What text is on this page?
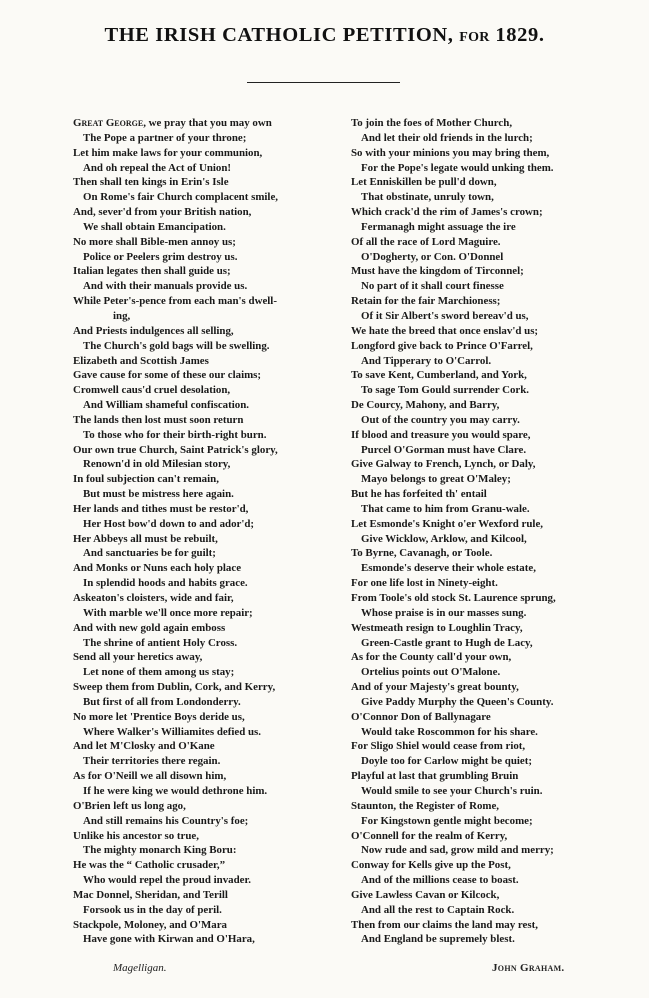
THE IRISH CATHOLIC PETITION, FOR 1829.
Great George, we pray that you may own
The Pope a partner of your throne;
Let him make laws for your communion,
And oh repeal the Act of Union!
Then shall ten kings in Erin's Isle
On Rome's fair Church complacent smile,
And, sever'd from your British nation,
We shall obtain Emancipation.
No more shall Bible-men annoy us;
Police or Peelers grim destroy us.
Italian legates then shall guide us;
And with their manuals provide us.
While Peter's-pence from each man's dwell-
ing,
And Priests indulgences all selling,
The Church's gold bags will be swelling.
Elizabeth and Scottish James
Gave cause for some of these our claims;
Cromwell caus'd cruel desolation,
And William shameful confiscation.
The lands then lost must soon return
To those who for their birth-right burn.
Our own true Church, Saint Patrick's glory,
Renown'd in old Milesian story,
In foul subjection can't remain,
But must be mistress here again.
Her lands and tithes must be restor'd,
Her Host bow'd down to and ador'd;
Her Abbeys all must be rebuilt,
And sanctuaries be for guilt;
And Monks or Nuns each holy place
In splendid hoods and habits grace.
Askeaton's cloisters, wide and fair,
With marble we'll once more repair;
And with new gold again emboss
The shrine of antient Holy Cross.
Send all your heretics away,
Let none of them among us stay;
Sweep them from Dublin, Cork, and Kerry,
But first of all from Londonderry.
No more let 'Prentice Boys deride us,
Where Walker's Williamites defied us.
And let M'Closky and O'Kane
Their territories there regain.
As for O'Neill we all disown him,
If he were king we would dethrone him.
O'Brien left us long ago,
And still remains his Country's foe;
Unlike his ancestor so true,
The mighty monarch King Boru:
He was the “ Catholic crusader,”
Who would repel the proud invader.
Mac Donnel, Sheridan, and Terill
Forsook us in the day of peril.
Stackpole, Moloney, and O'Mara
Have gone with Kirwan and O'Hara,
To join the foes of Mother Church,
And let their old friends in the lurch;
So with your minions you may bring them,
For the Pope's legate would unking them.
Let Enniskillen be pull'd down,
That obstinate, unruly town,
Which crack'd the rim of James's crown;
Fermanagh might assuage the ire
Of all the race of Lord Maguire.
O'Dogherty, or Con. O'Donnel
Must have the kingdom of Tirconnel;
No part of it shall court finesse
Retain for the fair Marchioness;
Of it Sir Albert's sword bereav'd us,
We hate the breed that once enslav'd us;
Longford give back to Prince O'Farrel,
And Tipperary to O'Carrol.
To save Kent, Cumberland, and York,
To sage Tom Gould surrender Cork.
De Courcy, Mahony, and Barry,
Out of the country you may carry.
If blood and treasure you would spare,
Purcel O'Gorman must have Clare.
Give Galway to French, Lynch, or Daly,
Mayo belongs to great O'Maley;
But he has forfeited th' entail
That came to him from Granu-wale.
Let Esmonde's Knight o'er Wexford rule,
Give Wicklow, Arklow, and Kilcool,
To Byrne, Cavanagh, or Toole.
Esmonde's deserve their whole estate,
For one life lost in Ninety-eight.
From Toole's old stock St. Laurence sprung,
Whose praise is in our masses sung.
Westmeath resign to Loughlin Tracy,
Green-Castle grant to Hugh de Lacy,
As for the County call'd your own,
Ortelius points out O'Malone.
And of your Majesty's great bounty,
Give Paddy Murphy the Queen's County.
O'Connor Don of Ballynagare
Would take Roscommon for his share.
For Sligo Shiel would cease from riot,
Doyle too for Carlow might be quiet;
Playful at last that grumbling Bruin
Would smile to see your Church's ruin.
Staunton, the Register of Rome,
For Kingstown gentle might become;
O'Connell for the realm of Kerry,
Now rude and sad, grow mild and merry;
Conway for Kells give up the Post,
And of the millions cease to boast.
Give Lawless Cavan or Kilcock,
And all the rest to Captain Rock.
Then from our claims the land may rest,
And England be supremely blest.
Magelligan.	John Graham.
